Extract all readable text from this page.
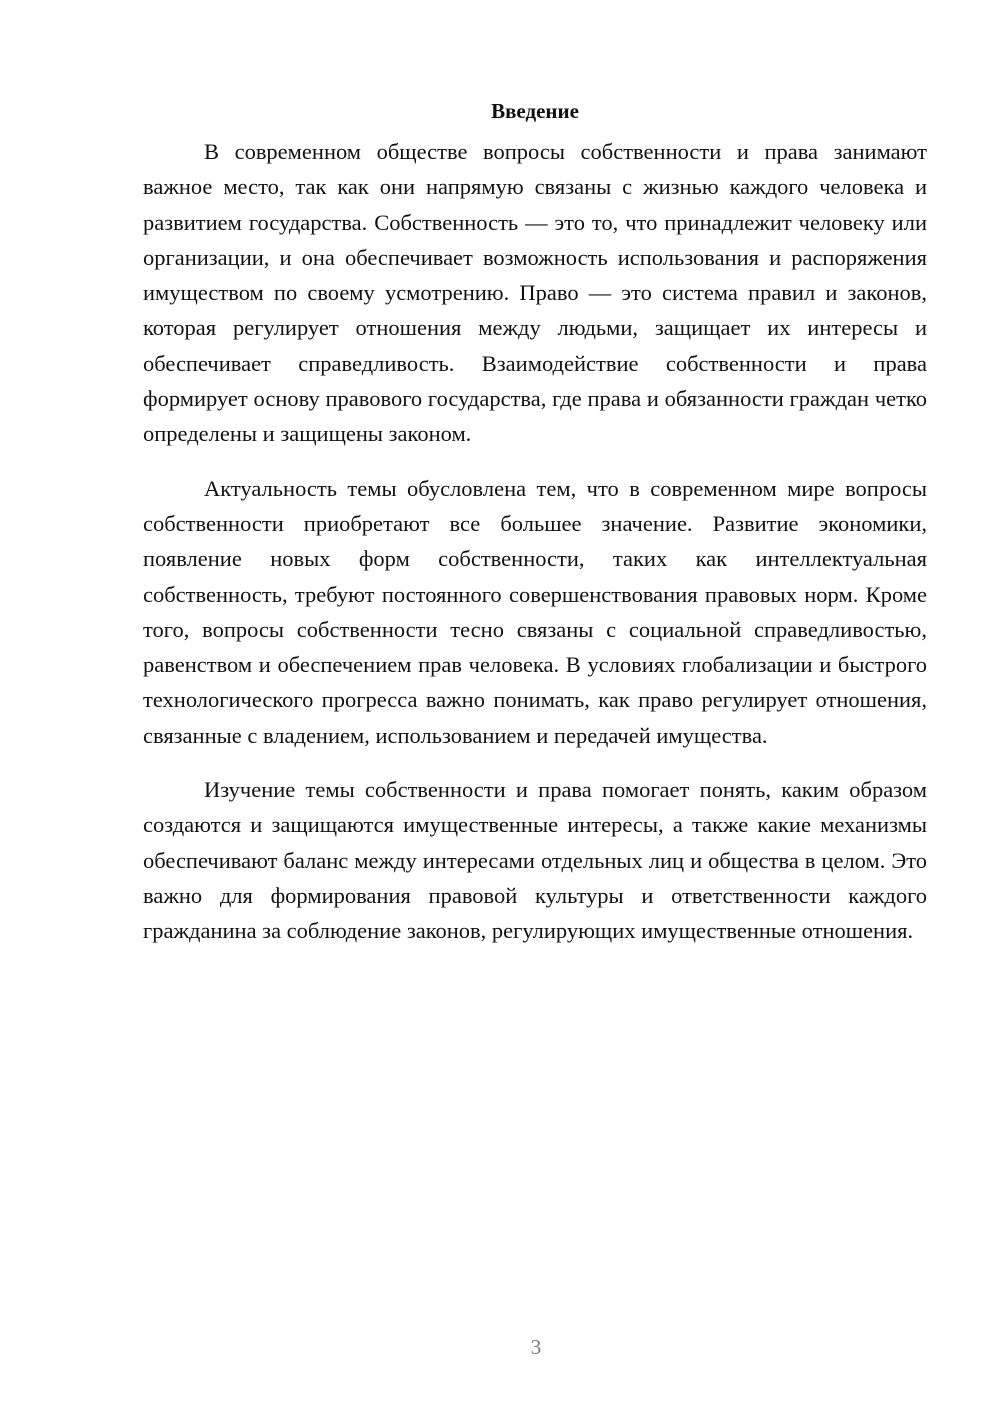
Введение

В современном обществе вопросы собственности и права занимают важное место, так как они напрямую связаны с жизнью каждого человека и развитием государства. Собственность — это то, что принадлежит человеку или организации, и она обеспечивает возможность использования и распоряжения имуществом по своему усмотрению. Право — это система правил и законов, которая регулирует отношения между людьми, защищает их интересы и обеспечивает справедливость. Взаимодействие собственности и права формирует основу правового государства, где права и обязанности граждан четко определены и защищены законом.

Актуальность темы обусловлена тем, что в современном мире вопросы собственности приобретают все большее значение. Развитие экономики, появление новых форм собственности, таких как интеллектуальная собственность, требуют постоянного совершенствования правовых норм. Кроме того, вопросы собственности тесно связаны с социальной справедливостью, равенством и обеспечением прав человека. В условиях глобализации и быстрого технологического прогресса важно понимать, как право регулирует отношения, связанные с владением, использованием и передачей имущества.

Изучение темы собственности и права помогает понять, каким образом создаются и защищаются имущественные интересы, а также какие механизмы обеспечивают баланс между интересами отдельных лиц и общества в целом. Это важно для формирования правовой культуры и ответственности каждого гражданина за соблюдение законов, регулирующих имущественные отношения.

3
